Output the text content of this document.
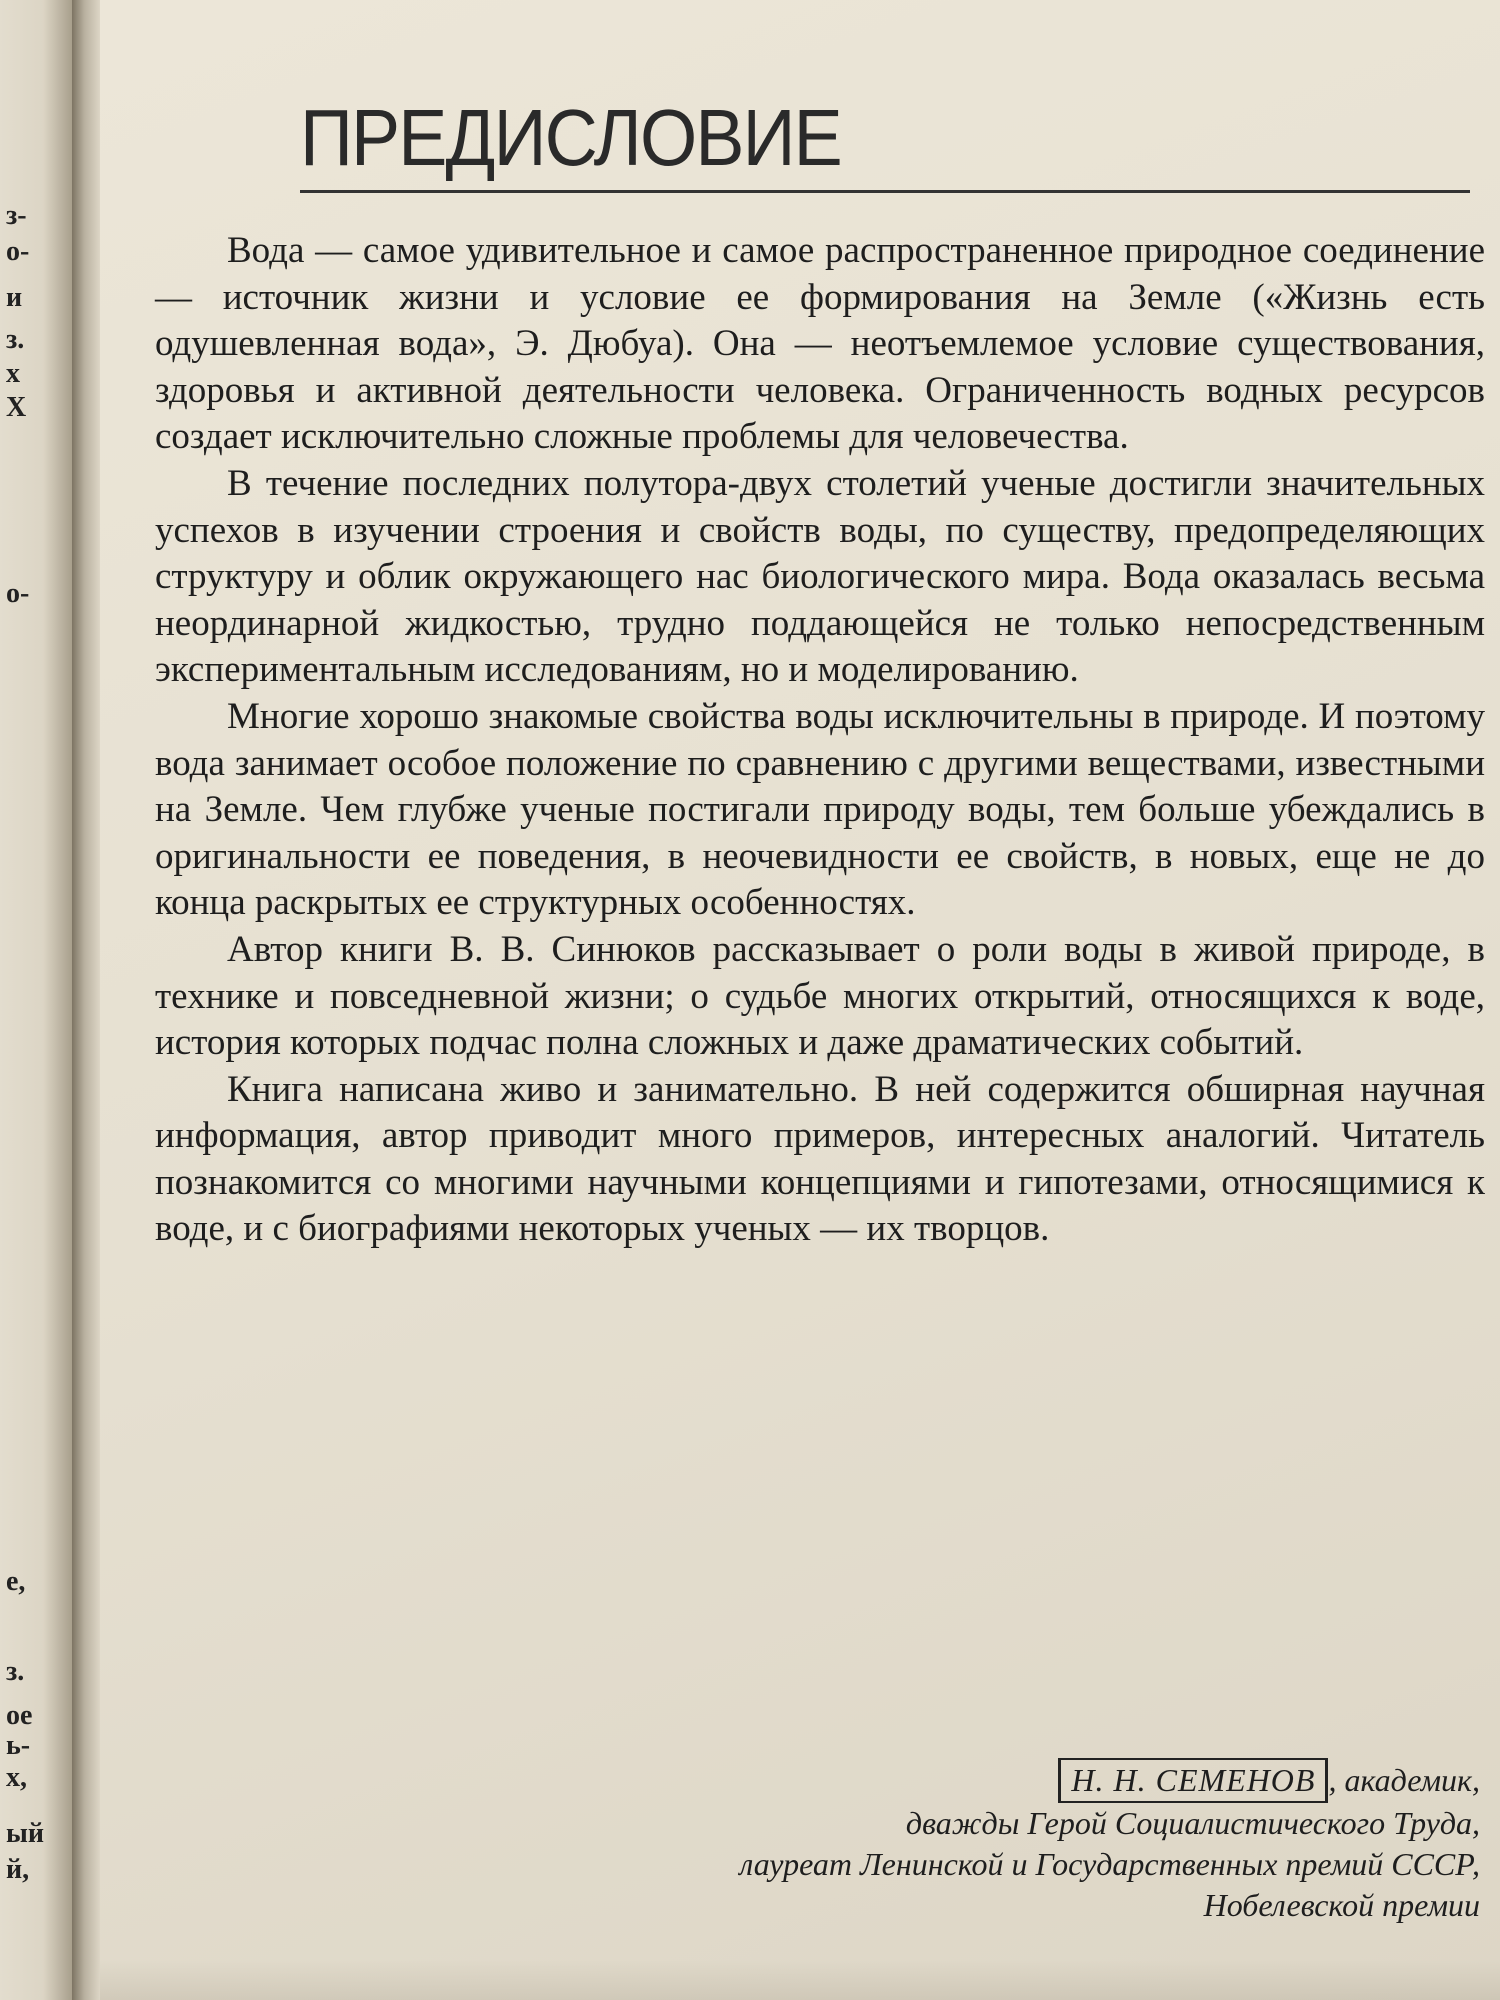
з-
о-
и
з.
х
Х
о-
е,
з.
ое
ь-
х,
ый
й,
ПРЕДИСЛОВИЕ

Вода — самое удивительное и самое распространенное природное соединение — источник жизни и условие ее формирования на Земле («Жизнь есть одушевленная вода», Э. Дюбуа). Она — неотъемлемое условие существования, здоровья и активной деятельности человека. Ограниченность водных ресурсов создает исключительно сложные проблемы для человечества.

В течение последних полутора-двух столетий ученые достигли значительных успехов в изучении строения и свойств воды, по существу, предопределяющих структуру и облик окружающего нас биологического мира. Вода оказалась весьма неординарной жидкостью, трудно поддающейся не только непосредственным экспериментальным исследованиям, но и моделированию.

Многие хорошо знакомые свойства воды исключительны в природе. И поэтому вода занимает особое положение по сравнению с другими веществами, известными на Земле. Чем глубже ученые постигали природу воды, тем больше убеждались в оригинальности ее поведения, в неочевидности ее свойств, в новых, еще не до конца раскрытых ее структурных особенностях.

Автор книги В. В. Синюков рассказывает о роли воды в живой природе, в технике и повседневной жизни; о судьбе многих открытий, относящихся к воде, история которых подчас полна сложных и даже драматических событий.

Книга написана живо и занимательно. В ней содержится обширная научная информация, автор приводит много примеров, интересных аналогий. Читатель познакомится со многими научными концепциями и гипотезами, относящимися к воде, и с биографиями некоторых ученых — их творцов.

Н. Н. СЕМЕНОВ , академик,
дважды Герой Социалистического Труда,
лауреат Ленинской и Государственных премий СССР,
Нобелевской премии
